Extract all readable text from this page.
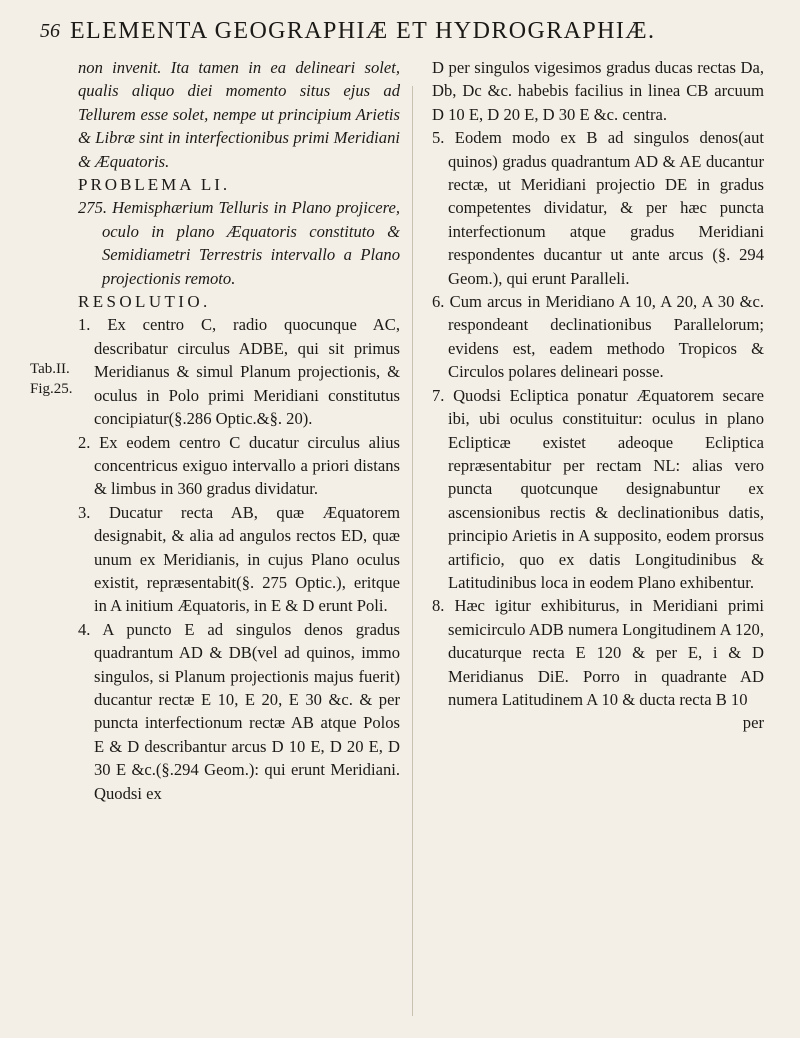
56 ELEMENTA GEOGRAPHIÆ ET HYDROGRAPHIÆ.
Tab.II.
Fig.25.

non invenit. Ita tamen in ea delineari solet, qualis aliquo diei momento situs ejus ad Tellurem esse solet, nempe ut principium Arietis & Libræ sint in interfectionibus primi Meridiani & Æquatoris.

PROBLEMA LI.

275. Hemisphærium Telluris in Plano projicere, oculo in plano Æquatoris constituto & Semidiametri Terrestris intervallo a Plano projectionis remoto.

RESOLUTIO.

1. Ex centro C, radio quocunque AC, describatur circulus ADBE, qui sit primus Meridianus & simul Planum projectionis, & oculus in Polo primi Meridiani constitutus concipiatur(§.286 Optic.&§. 20).

2. Ex eodem centro C ducatur circulus alius concentricus exiguo intervallo a priori distans & limbus in 360 gradus dividatur.

3. Ducatur recta AB, quæ Æquatorem designabit, & alia ad angulos rectos ED, quæ unum ex Meridianis, in cujus Plano oculus existit, repræsentabit(§. 275 Optic.), eritque in A initium Æquatoris, in E & D erunt Poli.

4. A puncto E ad singulos denos gradus quadrantum AD & DB(vel ad quinos, immo singulos, si Planum projectionis majus fuerit) ducantur rectæ E 10, E 20, E 30 &c. & per puncta interfectionum rectæ AB atque Polos E & D describantur arcus D 10 E, D 20 E, D 30 E &c.(§.294 Geom.): qui erunt Meridiani. Quodsi ex

D per singulos vigesimos gradus ducas rectas Da, Db, Dc &c. habebis facilius in linea CB arcuum D 10 E, D 20 E, D 30 E &c. centra.

5. Eodem modo ex B ad singulos denos(aut quinos) gradus quadrantum AD & AE ducantur rectæ, ut Meridiani projectio DE in gradus competentes dividatur, & per hæc puncta interfectionum atque gradus Meridiani respondentes ducantur ut ante arcus (§. 294 Geom.), qui erunt Paralleli.

6. Cum arcus in Meridiano A 10, A 20, A 30 &c. respondeant declinationibus Parallelorum; evidens est, eadem methodo Tropicos & Circulos polares delineari posse.

7. Quodsi Ecliptica ponatur Æquatorem secare ibi, ubi oculus constituitur: oculus in plano Eclipticæ existet adeoque Ecliptica repræsentabitur per rectam NL: alias vero puncta quotcunque designabuntur ex ascensionibus rectis & declinationibus datis, principio Arietis in A supposito, eodem prorsus artificio, quo ex datis Longitudinibus & Latitudinibus loca in eodem Plano exhibentur.

8. Hæc igitur exhibiturus, in Meridiani primi semicirculo ADB numera Longitudinem A 120, ducaturque recta E 120 & per E, i & D Meridianus DiE. Porro in quadrante AD numera Latitudinem A 10 & ducta recta B 10

per
